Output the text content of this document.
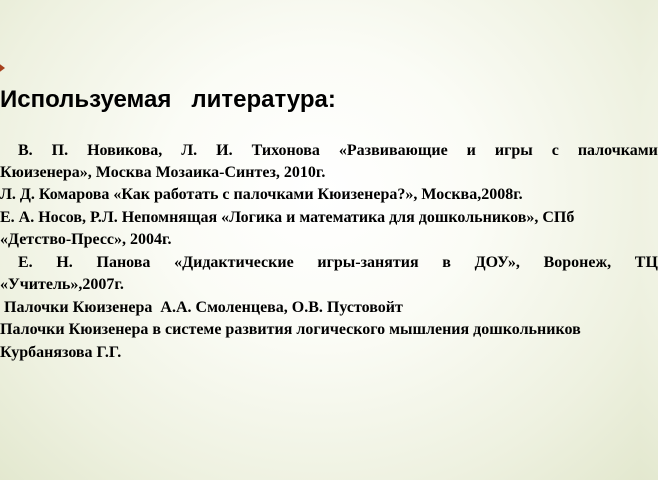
Используемая   литература:
В. П. Новикова, Л. И. Тихонова «Развивающие и игры с палочками
Кюизенера», Москва Мозаика-Синтез, 2010г.
Л. Д. Комарова «Как работать с палочками Кюизенера?», Москва,2008г.
Е. А. Носов, Р.Л. Непомнящая «Логика и математика для дошкольников», СПб
«Детство-Пресс», 2004г.
Е. Н. Панова «Дидактические игры-занятия в ДОУ», Воронеж, ТЦ
«Учитель»,2007г.
Палочки Кюизенера  А.А. Смоленцева, О.В. Пустовойт
Палочки Кюизенера в системе развития логического мышления дошкольников
Курбанязова Г.Г.
